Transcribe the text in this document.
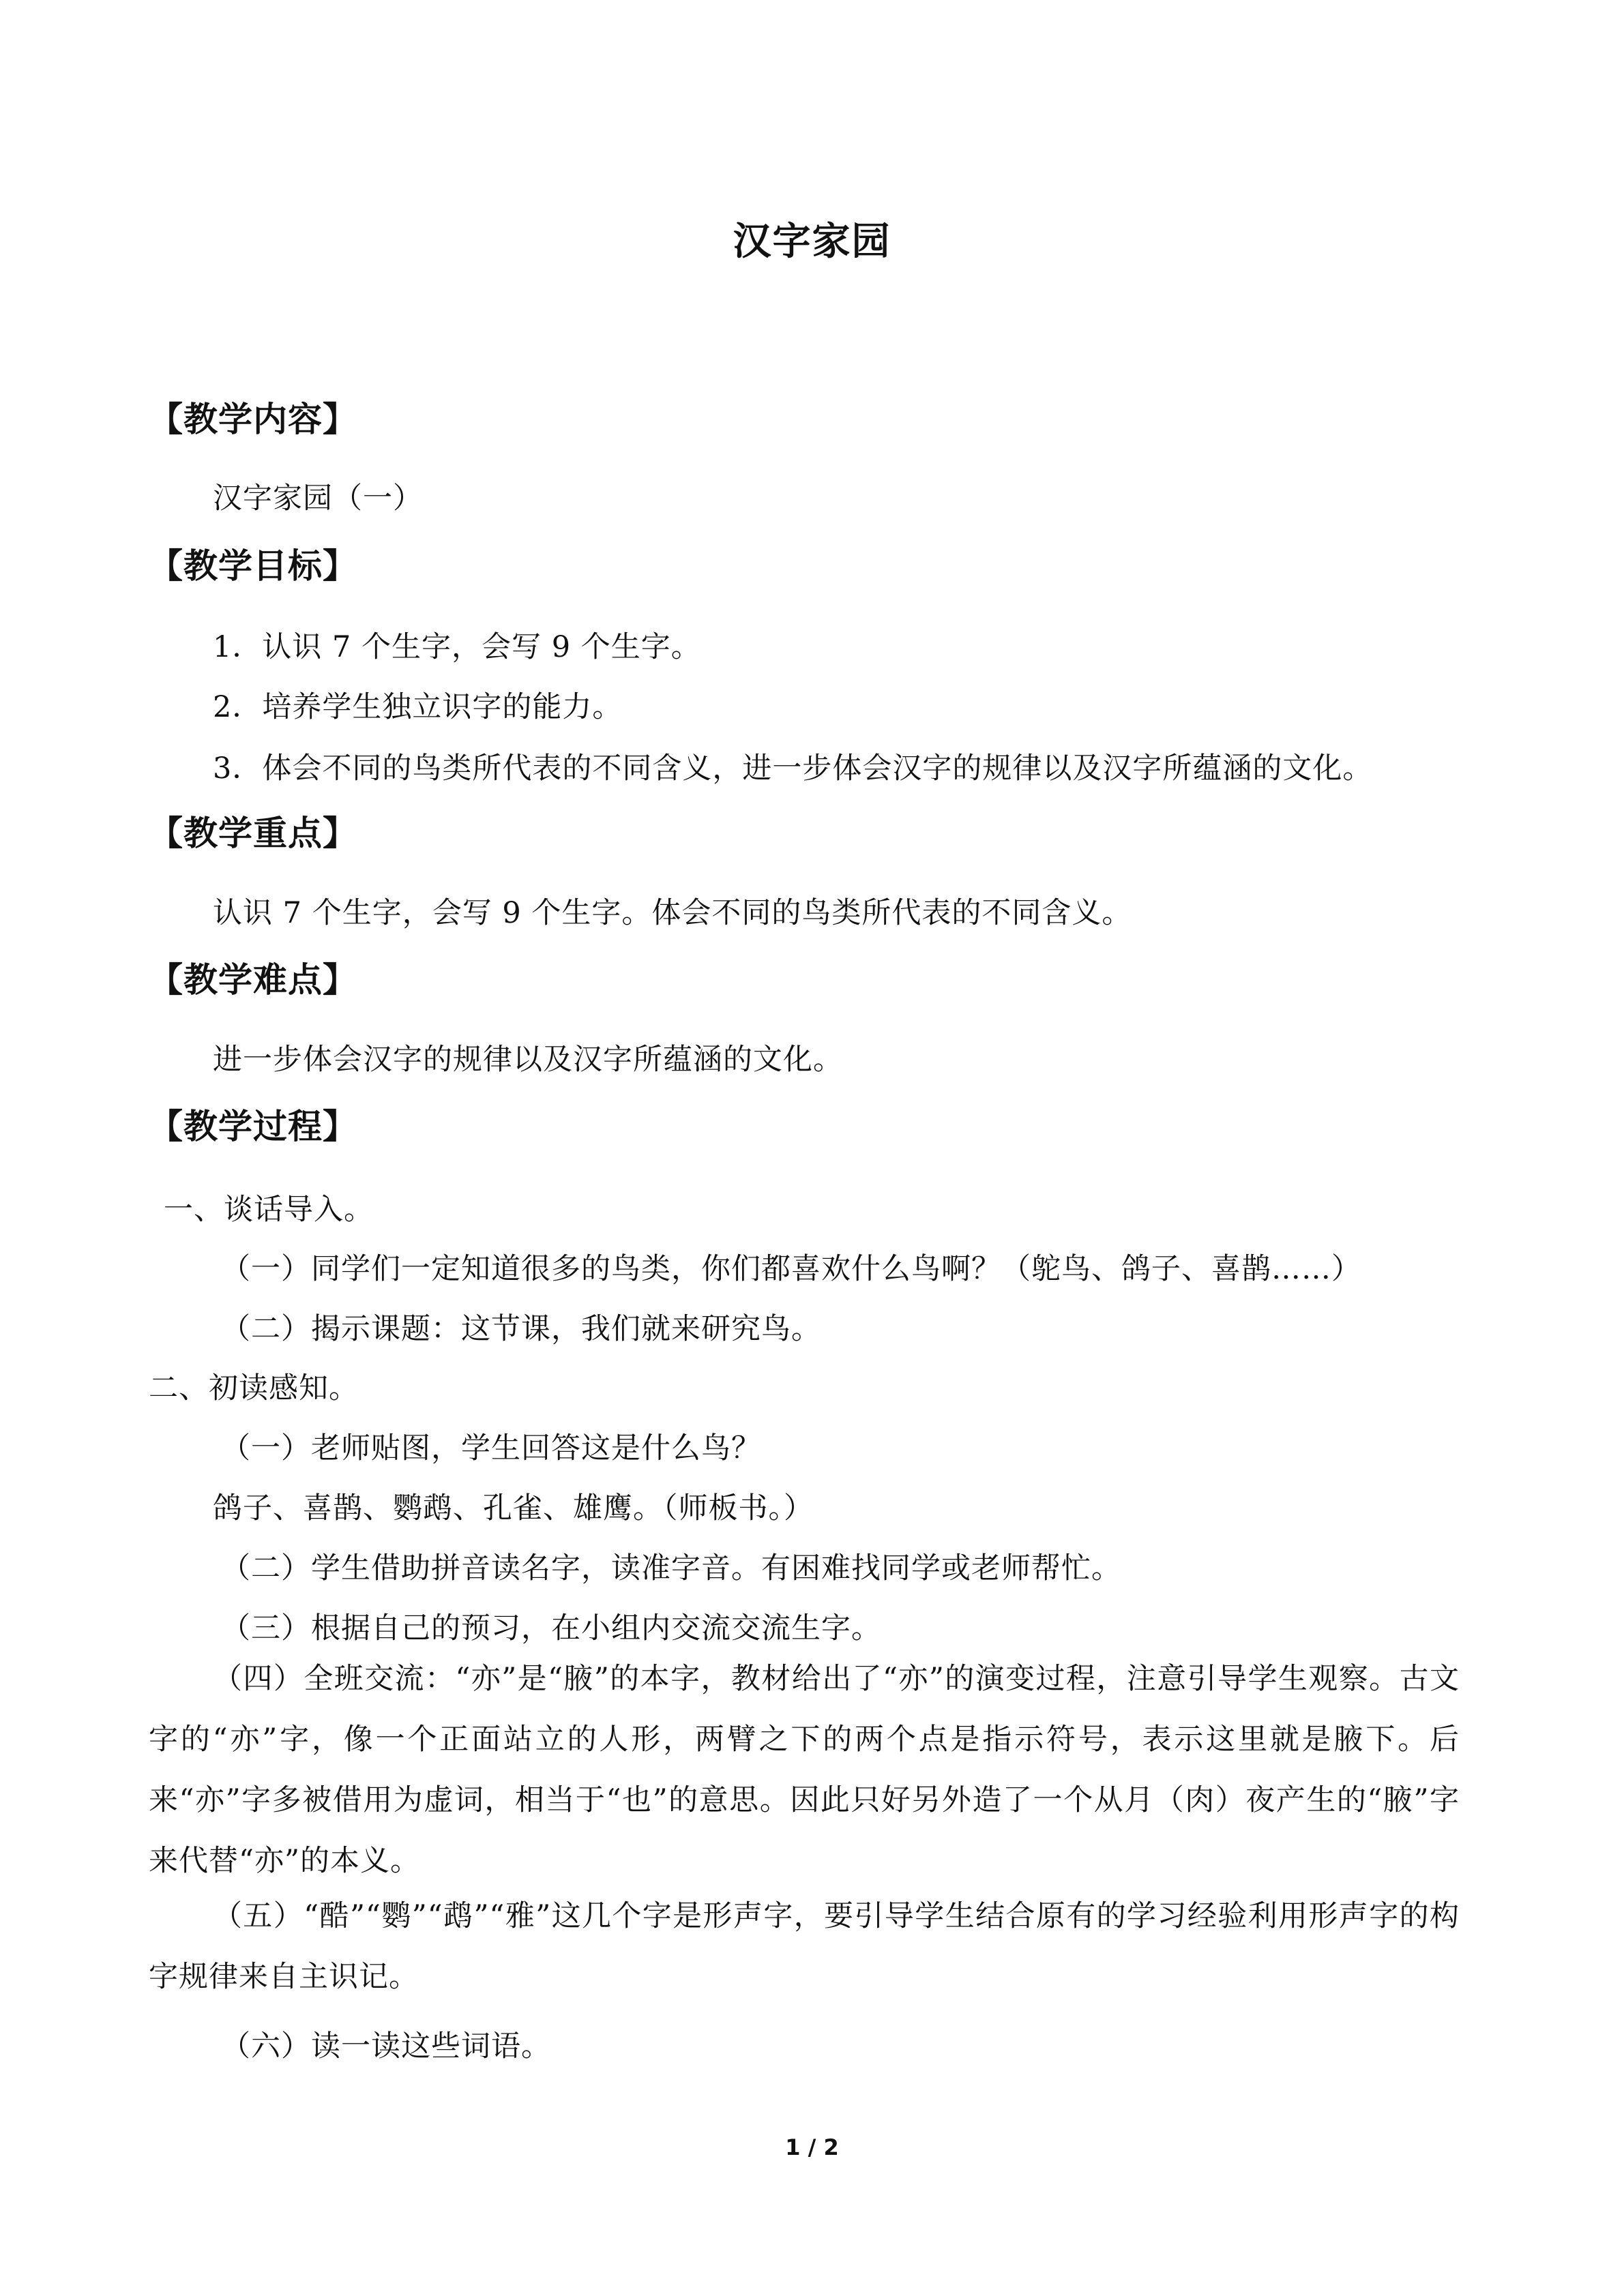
汉字家园
【教学内容】
汉字家园（一）
【教学目标】
1．认识 7 个生字，会写 9 个生字。
2．培养学生独立识字的能力。
3．体会不同的鸟类所代表的不同含义，进一步体会汉字的规律以及汉字所蕴涵的文化。
【教学重点】
认识 7 个生字，会写 9 个生字。体会不同的鸟类所代表的不同含义。
【教学难点】
进一步体会汉字的规律以及汉字所蕴涵的文化。
【教学过程】
一、谈话导入。
（一）同学们一定知道很多的鸟类，你们都喜欢什么鸟啊？（鸵鸟、鸽子、喜鹊……）
（二）揭示课题：这节课，我们就来研究鸟。
二、初读感知。
（一）老师贴图，学生回答这是什么鸟？
鸽子、喜鹊、鹦鹉、孔雀、雄鹰。（师板书。）
（二）学生借助拼音读名字，读准字音。有困难找同学或老师帮忙。
（三）根据自己的预习，在小组内交流交流生字。
（四）全班交流：“亦”是“腋”的本字，教材给出了“亦”的演变过程，注意引导学生观察。古文字的“亦”字，像一个正面站立的人形，两臂之下的两个点是指示符号，表示这里就是腋下。后来“亦”字多被借用为虚词，相当于“也”的意思。因此只好另外造了一个从月（肉）夜产生的“腋”字来代替“亦”的本义。
（五）“酷”“鹦”“鹉”“雅”这几个字是形声字，要引导学生结合原有的学习经验利用形声字的构字规律来自主识记。
（六）读一读这些词语。
1 / 2
